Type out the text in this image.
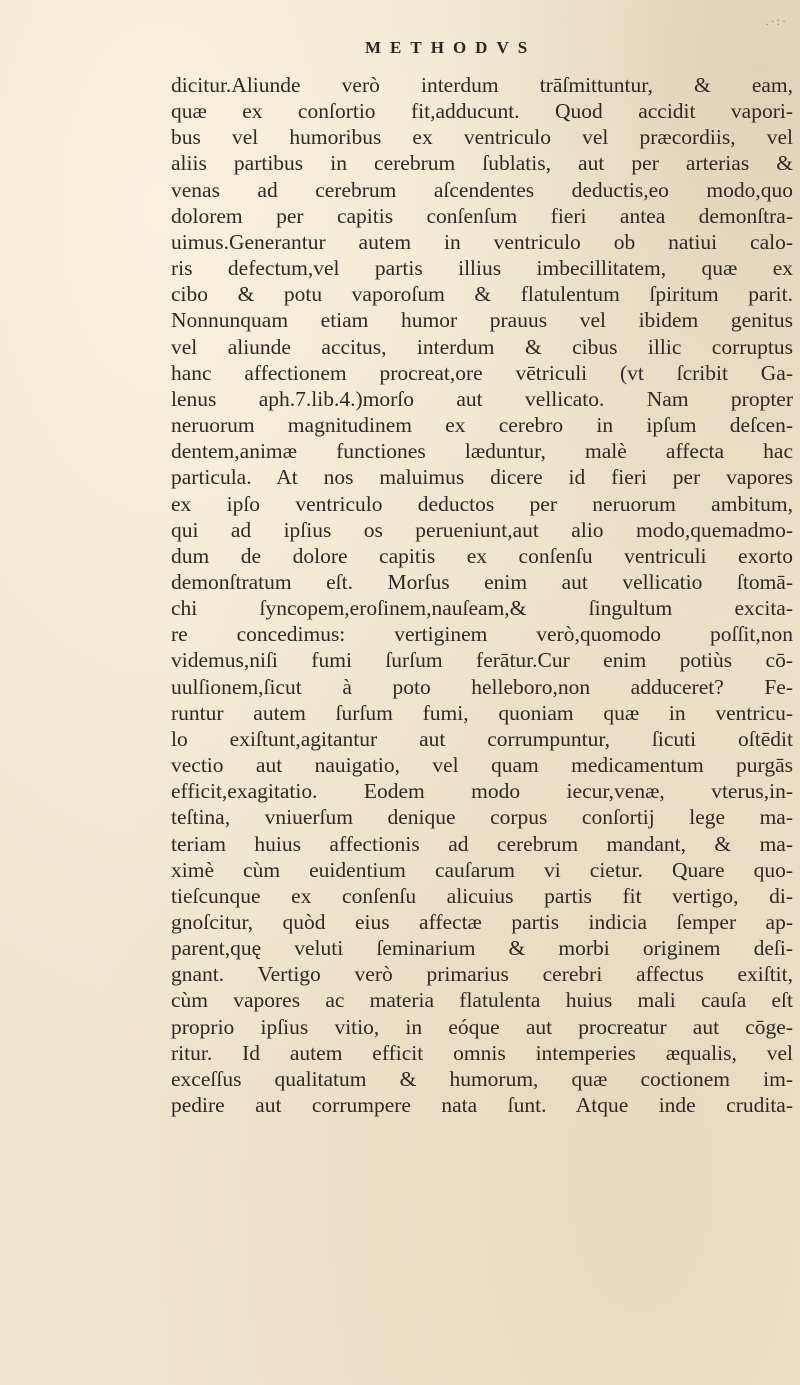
.·:·
METHODVS
dicitur.Aliunde verò interdum trāſmittuntur, & eam,
quæ ex conſortio fit,adducunt. Quod accidit vapori-
bus vel humoribus ex ventriculo vel præcordiis, vel
aliis partibus in cerebrum ſublatis, aut per arterias &
venas ad cerebrum aſcendentes deductis,eo modo,quo
dolorem per capitis conſenſum fieri antea demonſtra-
uimus.Generantur autem in ventriculo ob natiui calo-
ris defectum,vel partis illius imbecillitatem, quæ ex
cibo & potu vaporoſum & flatulentum ſpiritum parit.
Nonnunquam etiam humor prauus vel ibidem genitus
vel aliunde accitus, interdum & cibus illic corruptus
hanc affectionem procreat,ore vētriculi (vt ſcribit Ga-
lenus aph.7.lib.4.)morſo aut vellicato. Nam propter
neruorum magnitudinem ex cerebro in ipſum deſcen-
dentem,animæ functiones læduntur, malè affecta hac
particula. At nos maluimus dicere id fieri per vapores
ex ipſo ventriculo deductos per neruorum ambitum,
qui ad ipſius os perueniunt,aut alio modo,quemadmo-
dum de dolore capitis ex conſenſu ventriculi exorto
demonſtratum eſt. Morſus enim aut vellicatio ſtomā-
chi ſyncopem,eroſinem,nauſeam,& ſingultum excita-
re concedimus: vertiginem verò,quomodo poſſit,non
videmus,niſi fumi ſurſum ferātur.Cur enim potiùs cō-
uulſionem,ſicut à poto helleboro,non adduceret? Fe-
runtur autem ſurſum fumi, quoniam quæ in ventricu-
lo exiſtunt,agitantur aut corrumpuntur, ſicuti oſtēdit
vectio aut nauigatio, vel quam medicamentum purgās
efficit,exagitatio. Eodem modo iecur,venæ, vterus,in-
teſtina, vniuerſum denique corpus conſortij lege ma-
teriam huius affectionis ad cerebrum mandant, & ma-
ximè cùm euidentium cauſarum vi cietur. Quare quo-
tieſcunque ex conſenſu alicuius partis fit vertigo, di-
gnoſcitur, quòd eius affectæ partis indicia ſemper ap-
parent,quę veluti ſeminarium & morbi originem deſi-
gnant. Vertigo verò primarius cerebri affectus exiſtit,
cùm vapores ac materia flatulenta huius mali cauſa eſt
proprio ipſius vitio, in eóque aut procreatur aut cōge-
ritur. Id autem efficit omnis intemperies æqualis, vel
exceſſus qualitatum & humorum, quæ coctionem im-
pedire aut corrumpere nata ſunt. Atque inde crudita-
